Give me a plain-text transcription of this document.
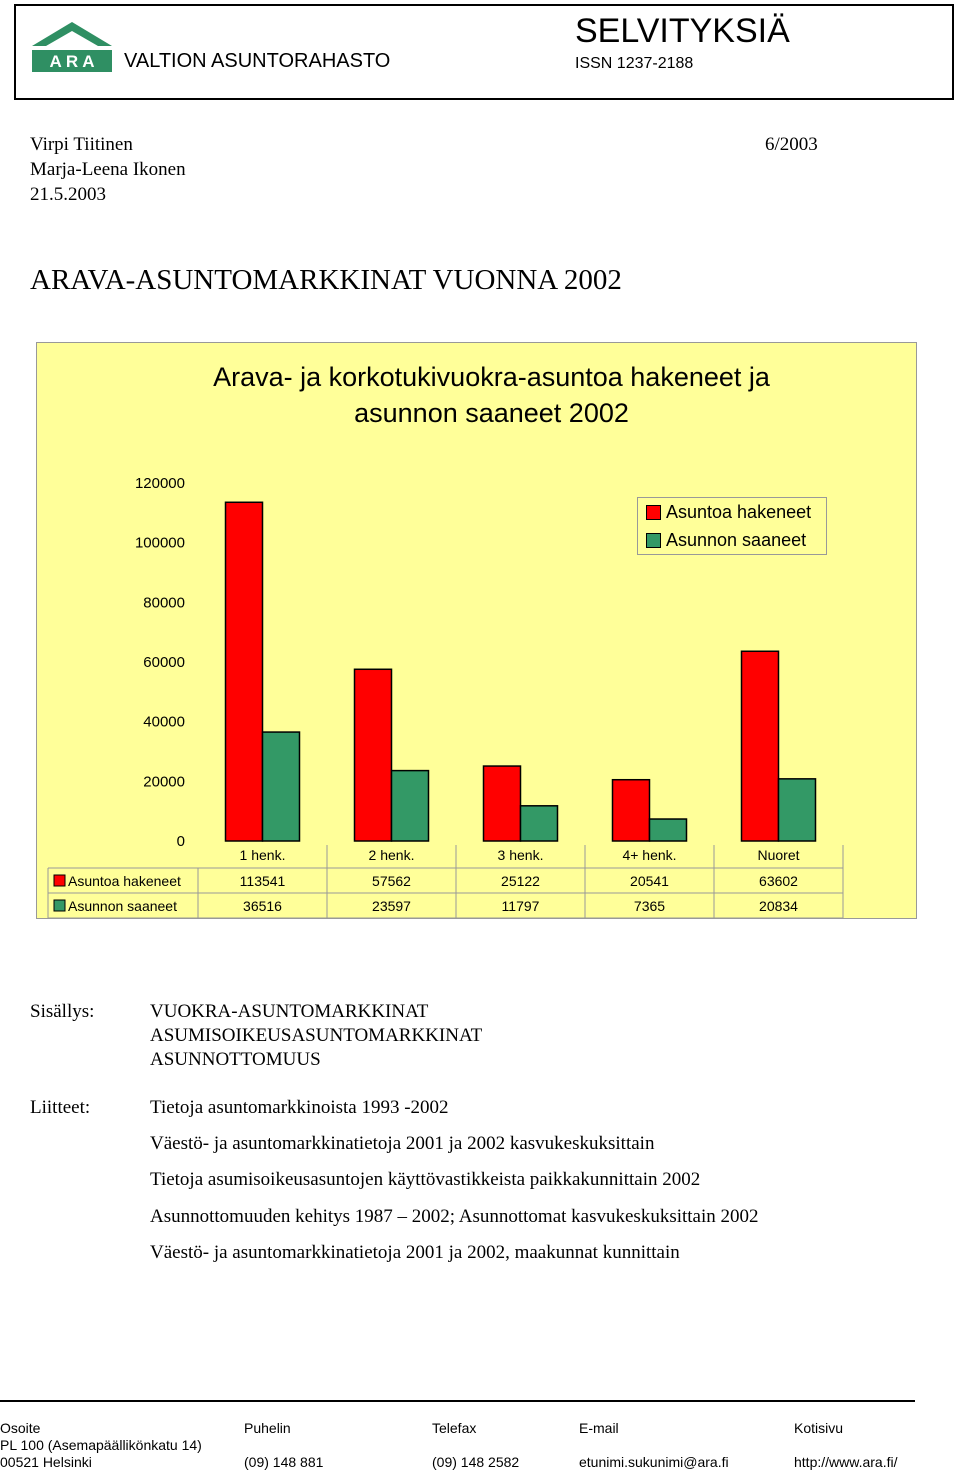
A R A VALTION ASUNTORAHASTO
SELVITYKSIÄ
ISSN 1237-2188
Virpi Tiitinen
Marja-Leena Ikonen
21.5.2003
6/2003
ARAVA-ASUNTOMARKKINAT VUONNA 2002
Arava- ja korkotukivuokra-asuntoa hakeneet ja
asunnon saaneet 2002
0
20000
40000
60000
80000
100000
120000
1 henk.	2 henk.	3 henk.	4+ henk.	Nuoret
Asuntoa hakeneet	113541	57562	25122	20541	63602
Asunnon saaneet	36516	23597	11797	7365	20834
Asuntoa hakeneet
Asunnon saaneet
Sisällys:	VUOKRA-ASUNTOMARKKINAT
ASUMISOIKEUSASUNTOMARKKINAT
ASUNNOTTOMUUS
Liitteet:	Tietoja asuntomarkkinoista 1993 -2002
Väestö- ja asuntomarkkinatietoja 2001 ja 2002 kasvukeskuksittain
Tietoja asumisoikeusasuntojen käyttövastikkeista paikkakunnittain 2002
Asunnottomuuden kehitys 1987 – 2002; Asunnottomat kasvukeskuksittain 2002
Väestö- ja asuntomarkkinatietoja 2001 ja 2002, maakunnat kunnittain
Osoite
PL 100 (Asemapäällikönkatu 14)
00521 Helsinki
Puhelin
(09) 148 881
Telefax
(09) 148 2582
E-mail
etunimi.sukunimi@ara.fi
Kotisivu
http://www.ara.fi/
